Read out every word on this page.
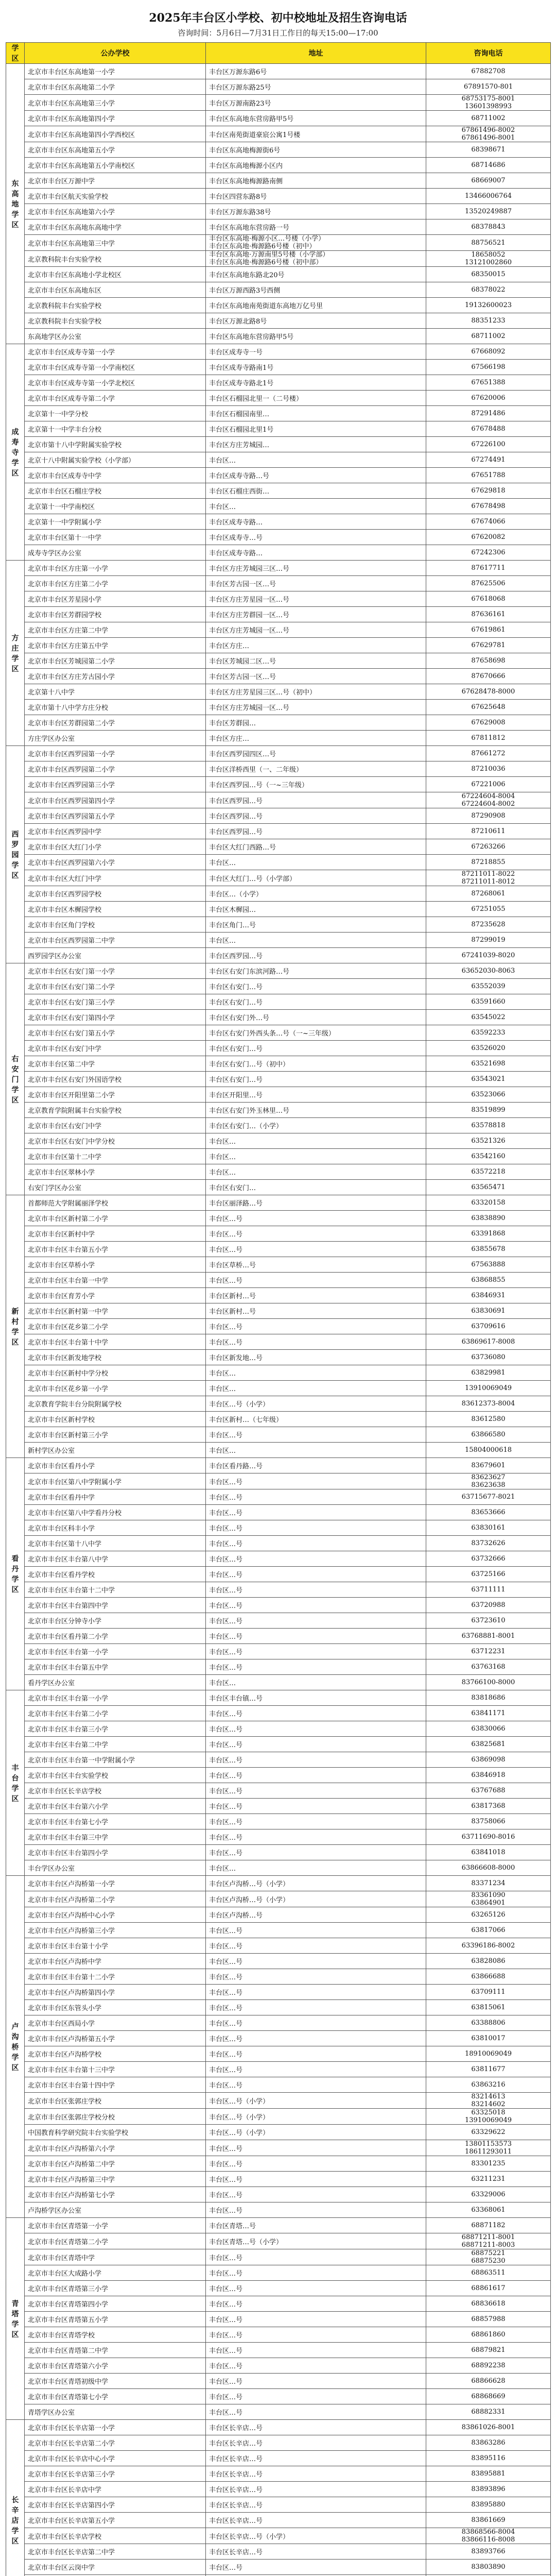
2025年丰台区小学校、初中校地址及招生咨询电话
咨询时间：5月6日—7月31日工作日的每天15:00—17:00
学区	公办学校	地址	咨询电话
东高地学区	北京市丰台区东高地第一小学	丰台区万源东路6号	67882708

	北京市丰台区东高地第二小学	丰台区万源东路25号	67891570-801

	北京市丰台区东高地第三小学	丰台区万源南路23号	68753175-8001
13601398993

	北京市丰台区东高地第四小学	丰台区东高地东营房路甲5号	68711002

	北京市丰台区东高地第四小学西校区	丰台区南苑街道豪宸公寓1号楼	67861496-8002
67861496-8001

	北京市丰台区东高地第五小学	丰台区东高地梅源街6号	68398671

	北京市丰台区东高地第五小学南校区	丰台区东高地梅源小区内	68714686

	北京市丰台区万源中学	丰台区东高地梅源路南侧	68669007

	北京市丰台区航天实验学校	丰台区四营东路8号	13466006764

	北京市丰台区东高地第六小学	丰台区万源东路38号	13520249887

	北京市丰台区东高地东高地中学	丰台区东高地东营房路一号	68378843

	北京市丰台区东高地第三中学	丰台区东高地·梅源小区…号楼（小学）
丰台区东高地·梅源路6号楼（初中）	88756521

	北京教科院丰台实验学校	丰台区东高地·万源南里5号楼（小学部）
丰台区东高地·梅源路6号楼（初中部）	18658052
13121002860

	北京市丰台区东高地小学北校区	丰台区东高地东路北20号	68350015

	北京市丰台区东高地东区	丰台区万源西路3号西侧	68378022

	北京教科院丰台实验学校	丰台区东高地南苑街道东高地万亿号里	19132600023

	北京教科院丰台实验学校	丰台区万源北路8号	88351233

	东高地学区办公室	丰台区东高地东营房路甲5号	68711002

成寿寺学区	北京市丰台区成寿寺第一小学	丰台区成寿寺一号	67668092

	北京市丰台区成寿寺第一小学南校区	丰台区成寿寺路南1号	67566198

	北京市丰台区成寿寺第一小学北校区	丰台区成寿寺路北1号	67651388

	北京市丰台区成寿寺第二小学	丰台区石榴园北里一（二号楼）	67620006

	北京第十一中学分校	丰台区石榴园南里…	87291486

	北京第十一中学丰台分校	丰台区石榴园北里1号	67678488

	北京市第十八中学附属实验学校	丰台区方庄芳城园…	67226100

	北京十八中附属实验学校（小学部）	丰台区…	67274491

	北京市丰台区成寿寺中学	丰台区成寿寺路…号	67651788

	北京市丰台区石榴庄学校	丰台区石榴庄西街…	67629818

	北京第十一中学南校区	丰台区…	67678498

	北京第十一中学附属小学	丰台区成寿寺路…	67674066

	北京市丰台区第十一中学	丰台区成寿寺…号	67620082

	成寿寺学区办公室	丰台区成寿寺路…	67242306

方庄学区	北京市丰台区方庄第一小学	丰台区方庄芳城园三区…号	87617711

	北京市丰台区方庄第二小学	丰台区芳古园一区…号	87625506

	北京市丰台区芳星园小学	丰台区方庄芳星园一区…号	67618068

	北京市丰台区芳群园学校	丰台区方庄芳群园一区…号	87636161

	北京市丰台区方庄第二中学	丰台区方庄芳城园一区…号	67619861

	北京市丰台区方庄第五中学	丰台区方庄…	67629781

	北京市丰台区芳城园第二小学	丰台区芳城园二区…号	87658698

	北京市丰台区方庄芳古园小学	丰台区芳古园一区…号	87670666

	北京第十八中学	丰台区方庄芳星园三区…号（初中）	67628478-8000

	北京市第十八中学方庄分校	丰台区方庄芳城园一区…号	67625648

	北京市丰台区芳群园第二小学	丰台区芳群园…	67629008

	方庄学区办公室	丰台区方庄…	67811812

西罗园学区	北京市丰台区西罗园第一小学	丰台区西罗园四区…号	87661272

	北京市丰台区西罗园第二小学	丰台区洋桥西里（一、二年级）	87210036

	北京市丰台区西罗园第三小学	丰台区西罗园…号（一~三年级）	67221006

	北京市丰台区西罗园第四小学	丰台区西罗园…号	67224604-8004
67224604-8002

	北京市丰台区西罗园第五小学	丰台区西罗园…号	87290908

	北京市丰台区西罗园中学	丰台区西罗园…号	87210611

	北京市丰台区大红门小学	丰台区大红门西路…号	67263266

	北京市丰台区西罗园第六小学	丰台区…	87218855

	北京市丰台区大红门中学	丰台区大红门…号（小学部）	87211011-8022
87211011-8012

	北京市丰台区西罗园学校	丰台区…（小学）	87268061

	北京市丰台区木樨园学校	丰台区木樨园…	67251055

	北京市丰台区角门学校	丰台区角门…号	87235628

	北京市丰台区西罗园第二中学	丰台区…	87299019

	西罗园学区办公室	丰台区西罗园…号	67241039-8020

右安门学区	北京市丰台区右安门第一小学	丰台区右安门东滨河路…号	63652030-8063

	北京市丰台区右安门第二小学	丰台区右安门…号	63552039

	北京市丰台区右安门第三小学	丰台区右安门…号	63591660

	北京市丰台区右安门第四小学	丰台区右安门外…号	63545022

	北京市丰台区右安门第五小学	丰台区右安门外西头条…号（一~三年级）	63592233

	北京市丰台区右安门中学	丰台区右安门…号	63526020

	北京市丰台区第二中学	丰台区右安门…号（初中）	63521698

	北京市丰台区右安门外国语学校	丰台区右安门…号	63543021

	北京市丰台区开阳里第二小学	丰台区开阳里…号	63523066

	北京教育学院附属丰台实验学校	丰台区右安门外玉林里…号	83519899

	北京市丰台区右安门中学	丰台区右安门…（小学）	63578818

	北京市丰台区右安门中学分校	丰台区…	63521326

	北京市丰台区第十二中学	丰台区…	63542160

	北京市丰台区翠林小学	丰台区…	63572218

	右安门学区办公室	丰台区右安门…	63565471

新村学区	首都师范大学附属丽泽学校	丰台区丽泽路…号	63320158

	北京市丰台区新村第二小学	丰台区…号	63838890

	北京市丰台区新村中学	丰台区…号	63391868

	北京市丰台区丰台第五小学	丰台区…号	63855678

	北京市丰台区草桥小学	丰台区草桥…号	67563888

	北京市丰台区丰台第一中学	丰台区…号	63868855

	北京市丰台区育芳小学	丰台区新村…号	63846931

	北京市丰台区新村第一中学	丰台区新村…号	63830691

	北京市丰台区花乡第二小学	丰台区…号	63709616

	北京市丰台区丰台第十中学	丰台区…号	63869617-8008

	北京市丰台区新发地学校	丰台区新发地…号	63736080

	北京市丰台区新村中学分校	丰台区…	63829981

	北京市丰台区花乡第一小学	丰台区…	13910069049

	北京教育学院丰台分院附属学校	丰台区…号（小学）	83612373-8004

	北京市丰台区新村学校	丰台区新村…（七年级）	83612580

	北京市丰台区新村第三小学	丰台区…号	63866580

	新村学区办公室	丰台区…	15804000618

看丹学区	北京市丰台区看丹小学	丰台区看丹路…号	83679601

	北京市丰台区第八中学附属小学	丰台区…号	83623627
83623638

	北京市丰台区看丹中学	丰台区…号	63715677-8021

	北京市丰台区第八中学看丹分校	丰台区…号	83653666

	北京市丰台区科丰小学	丰台区…号	63830161

	北京市丰台区第十八中学	丰台区…号	83732626

	北京市丰台区丰台第八中学	丰台区…号	63732666

	北京市丰台区看丹学校	丰台区…号	63725166

	北京市丰台区丰台第十二中学	丰台区…号	63711111

	北京市丰台区丰台第四中学	丰台区…号	63720988

	北京市丰台区分钟寺小学	丰台区…号	63723610

	北京市丰台区看丹第二小学	丰台区…号	63768881-8001

	北京市丰台区丰台第一小学	丰台区…号	63712231

	北京市丰台区丰台第五中学	丰台区…号	63763168

	看丹学区办公室	丰台区…	83766100-8000

丰台学区	北京市丰台区丰台第一小学	丰台区丰台镇…号	83818686

	北京市丰台区丰台第二小学	丰台区…号	63841171

	北京市丰台区丰台第三小学	丰台区…号	63830066

	北京市丰台区丰台第二中学	丰台区…号	63825681

	北京市丰台区丰台第一中学附属小学	丰台区…号	63869098

	北京市丰台区丰台实验学校	丰台区…号	63846918

	北京市丰台区长辛店学校	丰台区…号	63767688

	北京市丰台区丰台第六小学	丰台区…号	63817368

	北京市丰台区丰台第七小学	丰台区…号	83758066

	北京市丰台区丰台第三中学	丰台区…号	63711690-8016

	北京市丰台区丰台第四小学	丰台区…号	63841018

	丰台学区办公室	丰台区…	63866608-8000

卢沟桥学区	北京市丰台区卢沟桥第一小学	丰台区卢沟桥…号（小学）	83371234

	北京市丰台区卢沟桥第二小学	丰台区卢沟桥…号（小学）	83361090
63864901

	北京市丰台区卢沟桥中心小学	丰台区卢沟桥…号	63265126

	北京市丰台区卢沟桥第三小学	丰台区…号	63817066

	北京市丰台区丰台第十小学	丰台区…号	63396186-8002

	北京市丰台区卢沟桥中学	丰台区…号	63828086

	北京市丰台区丰台第十二小学	丰台区…号	63866688

	北京市丰台区卢沟桥第四小学	丰台区…号	63709111

	北京市丰台区东管头小学	丰台区…号	63815061

	北京市丰台区西局小学	丰台区…号	63388806

	北京市丰台区卢沟桥第五小学	丰台区…号	63810017

	北京市丰台区卢沟桥学校	丰台区…号	18910069049

	北京市丰台区丰台第十三中学	丰台区…号	63811677

	北京市丰台区丰台第十四中学	丰台区…号	63863216

	北京市丰台区张郭庄学校	丰台区…号（小学）	83214613
83214602

	北京市丰台区张郭庄学校分校	丰台区…号（小学）	63325018
13910069049

	中国教育科学研究院丰台实验学校	丰台区…号（小学）	63329622

	北京市丰台区卢沟桥第六小学	丰台区…号	13801153573
18611293011

	北京市丰台区卢沟桥第二中学	丰台区…号	83301235

	北京市丰台区卢沟桥第三中学	丰台区…号	63211231

	北京市丰台区卢沟桥第七小学	丰台区…号	63329006

	卢沟桥学区办公室	丰台区…号	63368061

青塔学区	北京市丰台区青塔第一小学	丰台区青塔…号	68871182

	北京市丰台区青塔第二小学	丰台区青塔…号（小学）	68871211-8001
68871211-8003

	北京市丰台区青塔中学	丰台区…号	68875221
68875230

	北京市丰台区大成路小学	丰台区…号	68863511

	北京市丰台区青塔第三小学	丰台区…号	68861617

	北京市丰台区青塔第四小学	丰台区…号	68836618

	北京市丰台区青塔第五小学	丰台区…号	68857988

	北京市丰台区青塔学校	丰台区…号	68861860

	北京市丰台区青塔第二中学	丰台区…号	68879821

	北京市丰台区青塔第六小学	丰台区…号	68892238

	北京市丰台区青塔初级中学	丰台区…号	68866628

	北京市丰台区青塔第七小学	丰台区…号	68868669

	青塔学区办公室	丰台区…号	68882331

长辛店学区	北京市丰台区长辛店第一小学	丰台区长辛店…号	83861026-8001

	北京市丰台区长辛店第二小学	丰台区长辛店…号	83863286

	北京市丰台区长辛店中心小学	丰台区长辛店…号	83895116

	北京市丰台区长辛店第三小学	丰台区长辛店…号	83895881

	北京市丰台区长辛店中学	丰台区长辛店…号	83893896

	北京市丰台区长辛店第四小学	丰台区长辛店…号	83895880

	北京市丰台区长辛店第五小学	丰台区长辛店…号	83861669

	北京市丰台区长辛店学校	丰台区长辛店…号（小学）	83868566-8004
83866116-8008

	北京市丰台区长辛店第二中学	丰台区长辛店…号	83893766

	北京市丰台区云岗中学	丰台区…号	83803890
